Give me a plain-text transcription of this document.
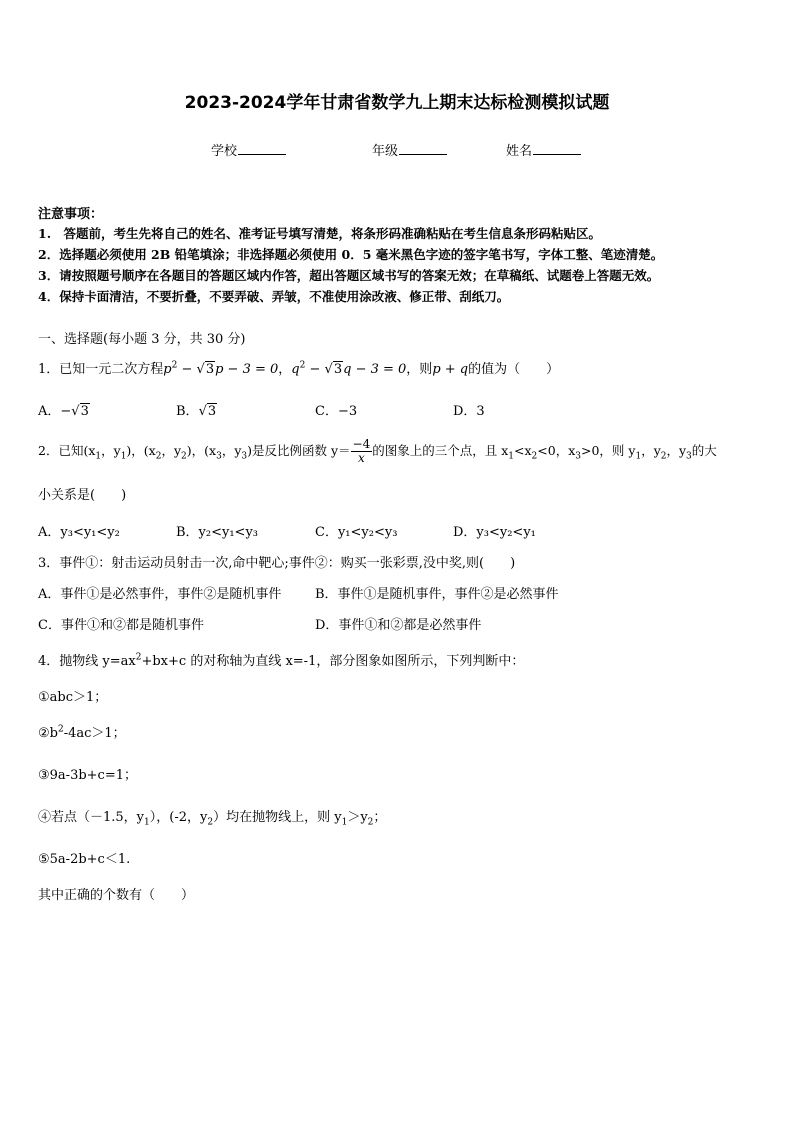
2023-2024学年甘肃省数学九上期末达标检测模拟试题
学校	年级	姓名
注意事项：
1.　答题前，考生先将自己的姓名、准考证号填写清楚，将条形码准确粘贴在考生信息条形码粘贴区。
2．选择题必须使用 2B 铅笔填涂；非选择题必须使用 0．5 毫米黑色字迹的签字笔书写，字体工整、笔迹清楚。
3．请按照题号顺序在各题目的答题区域内作答，超出答题区域书写的答案无效；在草稿纸、试题卷上答题无效。
4．保持卡面清洁，不要折叠，不要弄破、弄皱，不准使用涂改液、修正带、刮纸刀。
一、选择题(每小题 3 分，共 30 分)
1．已知一元二次方程$p^2 - √3p - 3 = 0$，$q^2 - √3q - 3 = 0$，则p + q的值为（　　）
A．−√3	B．√3	C．−3	D．3
2．已知($x_1$，$y_1$)，($x_2$，$y_2$)，($x_3$，$y_3$)是反比例函数 $y= \frac{-4}{x}$ 的图象上的三个点，且 $x_1<x_2<0$，$x_3>0$，则 $y_1$，$y_2$，$y_3$的大
小关系是(　　)
A．y₃<y₁<y₂	B．y₂<y₁<y₃	C．y₁<y₂<y₃	D．y₃<y₂<y₁
3．事件①：射击运动员射击一次,命中靶心;事件②：购买一张彩票,没中奖,则(　　)
A．事件①是必然事件，事件②是随机事件	B．事件①是随机事件，事件②是必然事件
C．事件①和②都是随机事件	D．事件①和②都是必然事件
4．抛物线 $y=ax^2+bx+c$ 的对称轴为直线 x=-1，部分图象如图所示，下列判断中：
①abc＞1；
$②b^2-4ac>1$；
③9a-3b+c=1；
④若点（－1.5，$y_1$），(-2，$y_2$）均在抛物线上，则 $y_1>y_2$；
⑤5a-2b+c＜1.
其中正确的个数有（　　）
